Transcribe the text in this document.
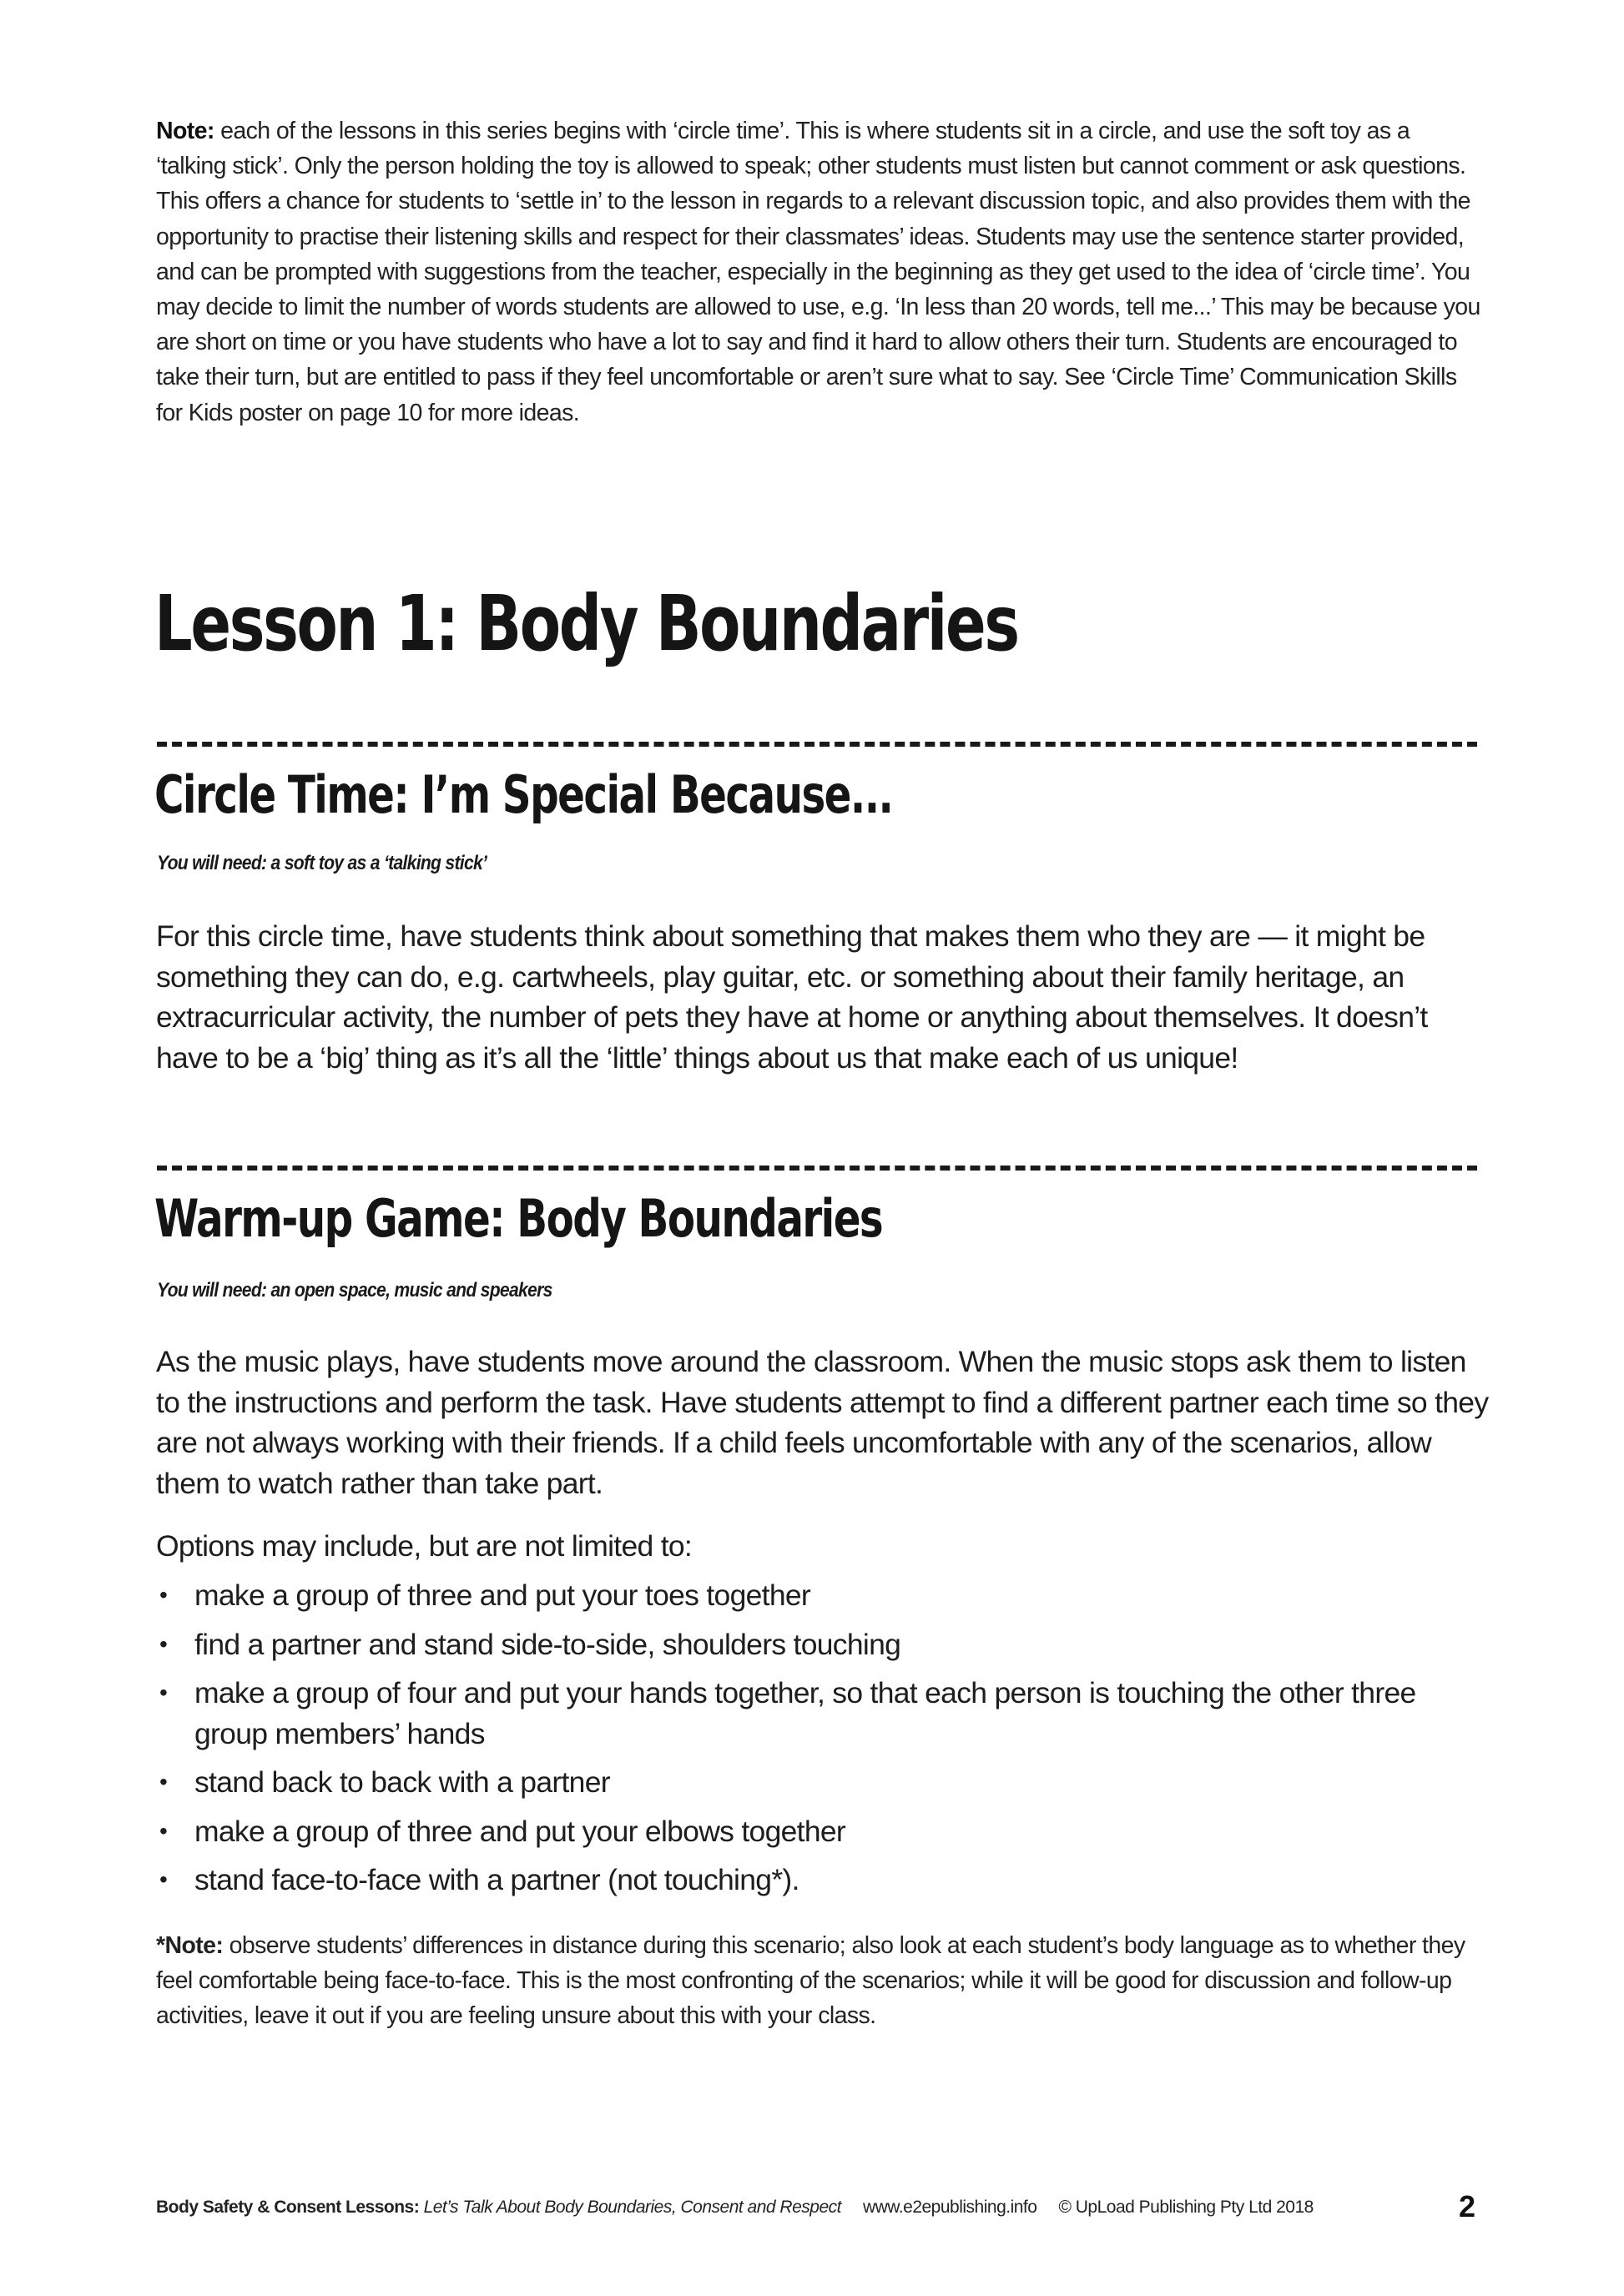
Note: each of the lessons in this series begins with ‘circle time’. This is where students sit in a circle, and use the soft toy as a ‘talking stick’. Only the person holding the toy is allowed to speak; other students must listen but cannot comment or ask questions. This offers a chance for students to ‘settle in’ to the lesson in regards to a relevant discussion topic, and also provides them with the opportunity to practise their listening skills and respect for their classmates’ ideas. Students may use the sentence starter provided, and can be prompted with suggestions from the teacher, especially in the beginning as they get used to the idea of ‘circle time’. You may decide to limit the number of words students are allowed to use, e.g. ‘In less than 20 words, tell me...’ This may be because you are short on time or you have students who have a lot to say and find it hard to allow others their turn. Students are encouraged to take their turn, but are entitled to pass if they feel uncomfortable or aren’t sure what to say. See ‘Circle Time’ Communication Skills for Kids poster on page 10 for more ideas.
Lesson 1: Body Boundaries
Circle Time: I’m Special Because...
You will need: a soft toy as a ‘talking stick’
For this circle time, have students think about something that makes them who they are — it might be something they can do, e.g. cartwheels, play guitar, etc. or something about their family heritage, an extracurricular activity, the number of pets they have at home or anything about themselves. It doesn’t have to be a ‘big’ thing as it’s all the ‘little’ things about us that make each of us unique!
Warm-up Game: Body Boundaries
You will need: an open space, music and speakers
As the music plays, have students move around the classroom. When the music stops ask them to listen to the instructions and perform the task. Have students attempt to find a different partner each time so they are not always working with their friends. If a child feels uncomfortable with any of the scenarios, allow them to watch rather than take part.
Options may include, but are not limited to:
• make a group of three and put your toes together
• find a partner and stand side-to-side, shoulders touching
• make a group of four and put your hands together, so that each person is touching the other three group members’ hands
• stand back to back with a partner
• make a group of three and put your elbows together
• stand face-to-face with a partner (not touching*).
*Note: observe students’ differences in distance during this scenario; also look at each student’s body language as to whether they feel comfortable being face-to-face. This is the most confronting of the scenarios; while it will be good for discussion and follow-up activities, leave it out if you are feeling unsure about this with your class.
Body Safety & Consent Lessons: Let’s Talk About Body Boundaries, Consent and Respect www.e2epublishing.info © UpLoad Publishing Pty Ltd 2018	2
